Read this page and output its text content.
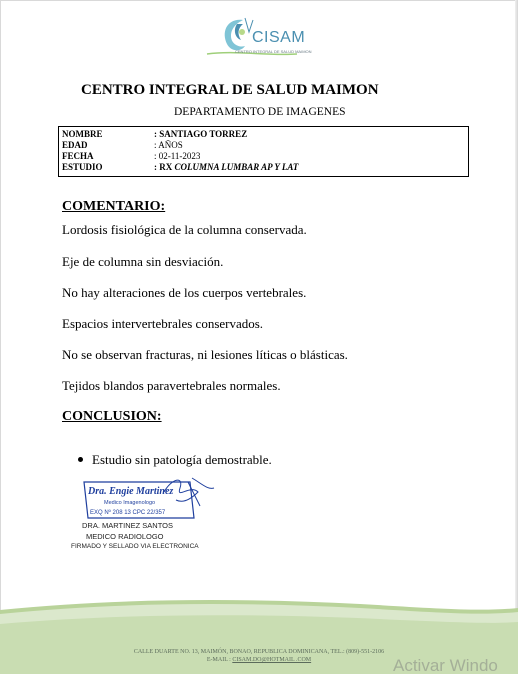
CISAM
CENTRO INTEGRAL DE SALUD MAIMON
CENTRO INTEGRAL DE SALUD MAIMON
DEPARTAMENTO DE IMAGENES
NOMBRE	: SANTIAGO TORREZ
EDAD	: AÑOS
FECHA	: 02-11-2023
ESTUDIO	: RX COLUMNA LUMBAR AP Y LAT
COMENTARIO:
Lordosis fisiológica de la columna conservada.
Eje de columna sin desviación.
No hay alteraciones de los cuerpos vertebrales.
Espacios intervertebrales conservados.
No se observan fracturas, ni lesiones líticas o blásticas.
Tejidos blandos paravertebrales normales.
CONCLUSION:
Estudio sin patología demostrable.
Dra. Engie Martinez
Medico Imagenologo
EXQ Nº 208 13 CPC 22/357
DRA. MARTINEZ SANTOS
MEDICO RADIOLOGO
FIRMADO Y SELLADO VIA ELECTRONICA
CALLE DUARTE NO. 13, MAIMÓN, BONAO, REPUBLICA DOMINICANA, TEL.: (809)-551-2106
E-MAIL : CISAM.DO@HOTMAIL .COM	Activar Windo
